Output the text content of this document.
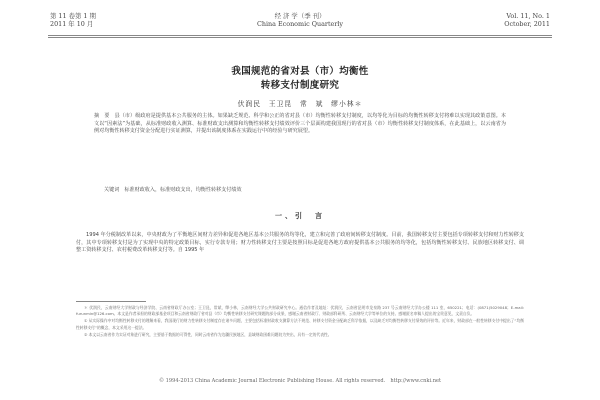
第 11 卷第 1 期
2011 年 10 月
经 济 学（季 刊）
China Economic Quarterly
Vol. 11, No. 1
October, 2011
我国规范的省对县（市）均衡性
转移支付制度研究
伏润民　王卫昆　常　斌　缪小林＊

摘　要　县（市）级政府是提供基本公共服务的主体。如果缺乏规范、科学和公正的省对县（市）均衡性转移支付制度，以均等化为目标的均衡性转移支付将难以实现其政策意图。本文以“因素法”为基础，从标准财政收入测算、标准财政支出测算和均衡性转移支付绩效评价三个层面构建我国现行的省对县（市）均衡性转移支付制度体系，在此基础上，以云南省为例对均衡性转移支付资金分配进行实证测算，并提出该制度体系在实践运行中的经验与研究展望。

关键词　标准财政收入，标准财政支出，均衡性转移支付绩效
一、引　言

1994 年分税制改革以来，中央财政为了平衡地区间财力差异和促进各地区基本公共服务的均等化，建立和完善了政府间转移支付制度。目前，我国转移支付主要包括专项转移支付和财力性转移支付，其中专项转移支付是为了实现中央的特定政策目标，实行专款专用；财力性转移支付主要是按照目标是促进各地方政府提供基本公共服务的均等化，包括均衡性转移支付、民族地区转移支付、调整工资转移支付、农村税费改革转移支付等。自 1995 年

＊ 伏润民，云南财经大学财政与经济学院、云南省财政厅办公室；王卫昆，常斌，缪小林，云南财经大学公共财政研究中心。通信作者及地址：伏润民，云南省昆明市龙泉路 237 号云南财经大学办公楼 111 室，650221；电话：(0871)5029048；E-mail: furunmin@126.com。本文是作者承担的财政部基金项目和云南省财政厅省对县（市）均衡性转移支付研究课题的部分成果，感谢云南省财政厅、财政部科研所、云南财经大学等单位的支持。感谢匿名审稿人提出的宝贵意见，文责自负。

① 从实际操作中对均衡性转移支付的理解来看，我国现行的财力性转移支付制度存在诸多问题，主要包括标准财政收支测算方法不规范、转移支付资金分配缺乏科学依据，以及缺乏对均衡性转移支付绩效的评价等。近年来，财政部在一般性转移支付中提出了“均衡性转移支付”的概念，本文采用这一提法。

② 本文以云南省作为实证对象进行研究，主要基于数据的可得性，同时云南省作为边疆民族地区，县域财政困难问题较为突出，具有一定的代表性。

© 1994-2013 China Academic Journal Electronic Publishing House. All rights reserved.　http://www.cnki.net
